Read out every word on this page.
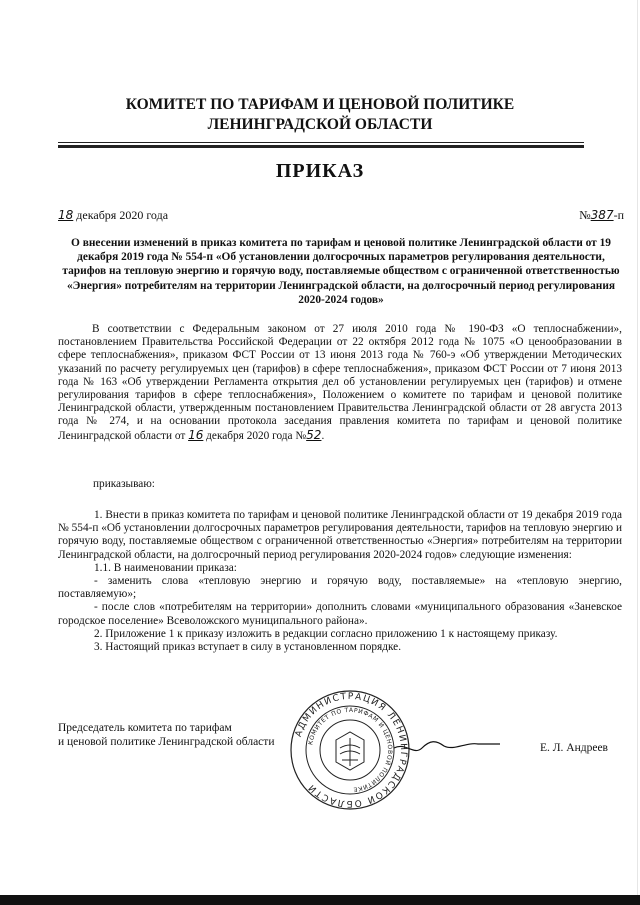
КОМИТЕТ ПО ТАРИФАМ И ЦЕНОВОЙ ПОЛИТИКЕ
ЛЕНИНГРАДСКОЙ ОБЛАСТИ
ПРИКАЗ
18 декабря 2020 года	№387-п
О внесении изменений в приказ комитета по тарифам и ценовой политике Ленинградской области от 19 декабря 2019 года № 554-п «Об установлении долгосрочных параметров регулирования деятельности, тарифов на тепловую энергию и горячую воду, поставляемые обществом с ограниченной ответственностью «Энергия» потребителям на территории Ленинградской области, на долгосрочный период регулирования 2020-2024 годов»
В соответствии с Федеральным законом от 27 июля 2010 года № 190-ФЗ «О теплоснабжении», постановлением Правительства Российской Федерации от 22 октября 2012 года № 1075 «О ценообразовании в сфере теплоснабжения», приказом ФСТ России от 13 июня 2013 года № 760-э «Об утверждении Методических указаний по расчету регулируемых цен (тарифов) в сфере теплоснабжения», приказом ФСТ России от 7 июня 2013 года № 163 «Об утверждении Регламента открытия дел об установлении регулируемых цен (тарифов) и отмене регулирования тарифов в сфере теплоснабжения», Положением о комитете по тарифам и ценовой политике Ленинградской области, утвержденным постановлением Правительства Ленинградской области от 28 августа 2013 года № 274, и на основании протокола заседания правления комитета по тарифам и ценовой политике Ленинградской области от 16 декабря 2020 года №52.
приказываю:
1. Внести в приказ комитета по тарифам и ценовой политике Ленинградской области от 19 декабря 2019 года № 554-п «Об установлении долгосрочных параметров регулирования деятельности, тарифов на тепловую энергию и горячую воду, поставляемые обществом с ограниченной ответственностью «Энергия» потребителям на территории Ленинградской области, на долгосрочный период регулирования 2020-2024 годов» следующие изменения:
1.1. В наименовании приказа:
- заменить слова «тепловую энергию и горячую воду, поставляемые» на «тепловую энергию, поставляемую»;
- после слов «потребителям на территории» дополнить словами «муниципального образования «Заневское городское поселение» Всеволожского муниципального района».
2. Приложение 1 к приказу изложить в редакции согласно приложению 1 к настоящему приказу.
3. Настоящий приказ вступает в силу в установленном порядке.
Председатель комитета по тарифам
и ценовой политике Ленинградской области
АДМИНИСТРАЦИЯ ЛЕНИНГРАДСКОЙ ОБЛАСТИ
КОМИТЕТ ПО ТАРИФАМ И ЦЕНОВОЙ ПОЛИТИКЕ
Е. Л. Андреев
